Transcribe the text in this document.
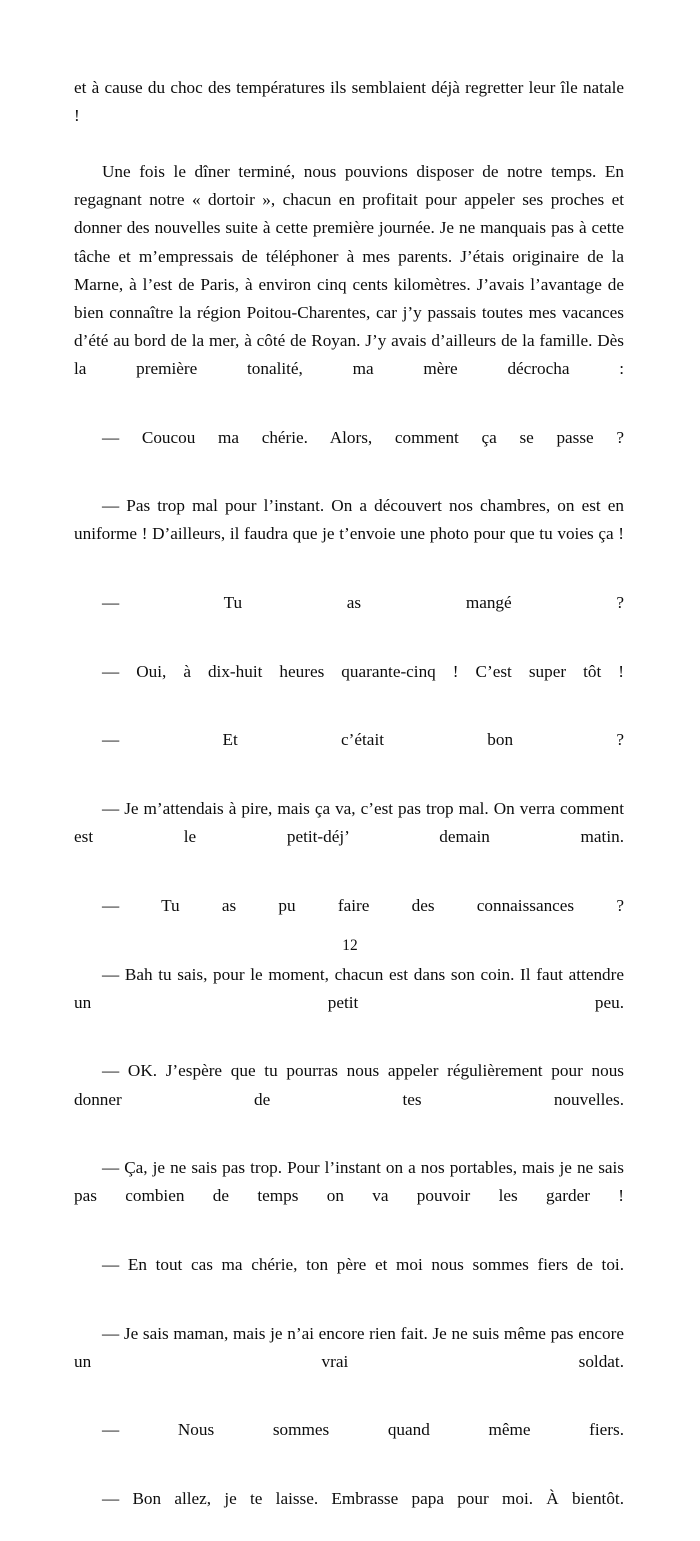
et à cause du choc des températures ils semblaient déjà regretter leur île natale !

Une fois le dîner terminé, nous pouvions disposer de notre temps. En regagnant notre « dortoir », chacun en profitait pour appeler ses proches et donner des nouvelles suite à cette première journée. Je ne manquais pas à cette tâche et m’empressais de téléphoner à mes parents. J’étais originaire de la Marne, à l’est de Paris, à environ cinq cents kilomètres. J’avais l’avantage de bien connaître la région Poitou-Charentes, car j’y passais toutes mes vacances d’été au bord de la mer, à côté de Royan. J’y avais d’ailleurs de la famille. Dès la première tonalité, ma mère décrocha :

— Coucou ma chérie. Alors, comment ça se passe ?

— Pas trop mal pour l’instant. On a découvert nos chambres, on est en uniforme ! D’ailleurs, il faudra que je t’envoie une photo pour que tu voies ça !

— Tu as mangé ?

— Oui, à dix-huit heures quarante-cinq ! C’est super tôt !

— Et c’était bon ?

— Je m’attendais à pire, mais ça va, c’est pas trop mal. On verra comment est le petit-déj’ demain matin.

— Tu as pu faire des connaissances ?

— Bah tu sais, pour le moment, chacun est dans son coin. Il faut attendre un petit peu.

— OK. J’espère que tu pourras nous appeler régulièrement pour nous donner de tes nouvelles.

— Ça, je ne sais pas trop. Pour l’instant on a nos portables, mais je ne sais pas combien de temps on va pouvoir les garder !

— En tout cas ma chérie, ton père et moi nous sommes fiers de toi.

— Je sais maman, mais je n’ai encore rien fait. Je ne suis même pas encore un vrai soldat.

— Nous sommes quand même fiers.

— Bon allez, je te laisse. Embrasse papa pour moi. À bientôt.

12
